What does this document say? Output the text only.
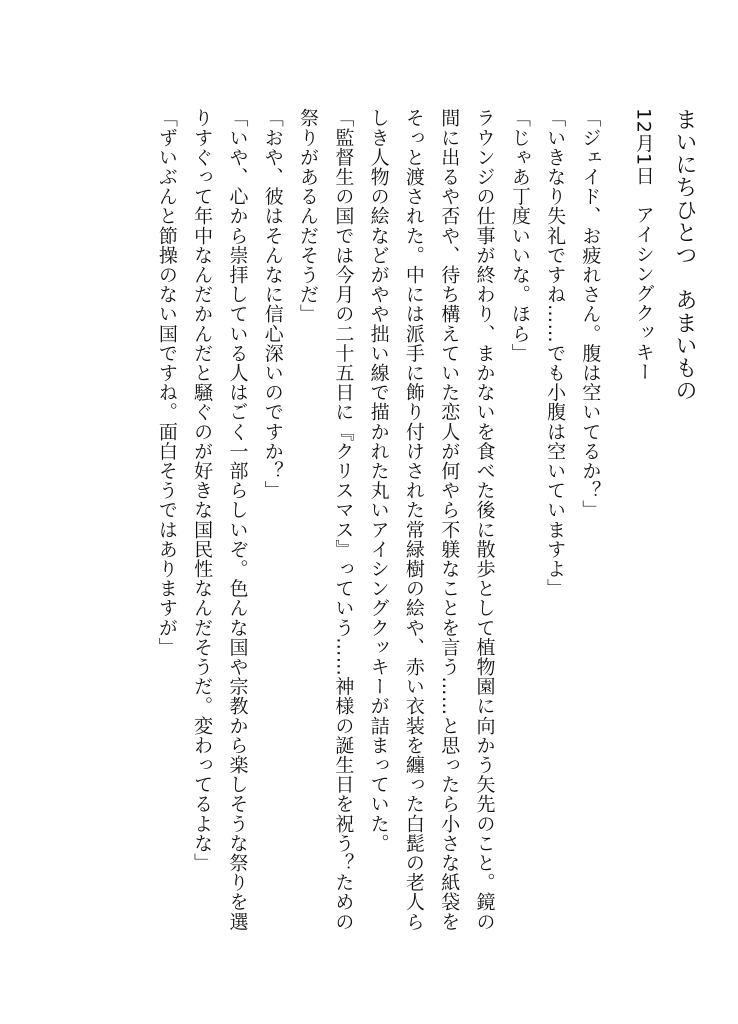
まいにちひとつ　あまいもの
12月1日　アイシングクッキー
「ジェイド、お疲れさん。腹は空いてるか？」
「いきなり失礼ですね……でも小腹は空いていますよ」
「じゃあ丁度いいな。ほら」
ラウンジの仕事が終わり、まかないを食べた後に散歩として植物園に向かう矢先のこと。鏡の間に出るや否や、待ち構えていた恋人が何やら不躾なことを言う……と思ったら小さな紙袋をそっと渡された。中には派手に飾り付けされた常緑樹の絵や、赤い衣装を纏った白髭の老人らしき人物の絵などがやや拙い線で描かれた丸いアイシングクッキーが詰まっていた。
「監督生の国では今月の二十五日に『クリスマス』っていう……神様の誕生日を祝う？ための祭りがあるんだそうだ」
「おや、彼はそんなに信心深いのですか？」
「いや、心から崇拝している人はごく一部らしいぞ。色んな国や宗教から楽しそうな祭りを選りすぐって年中なんだかんだと騒ぐのが好きな国民性なんだそうだ。変わってるよな」
「ずいぶんと節操のない国ですね。面白そうではありますが」
